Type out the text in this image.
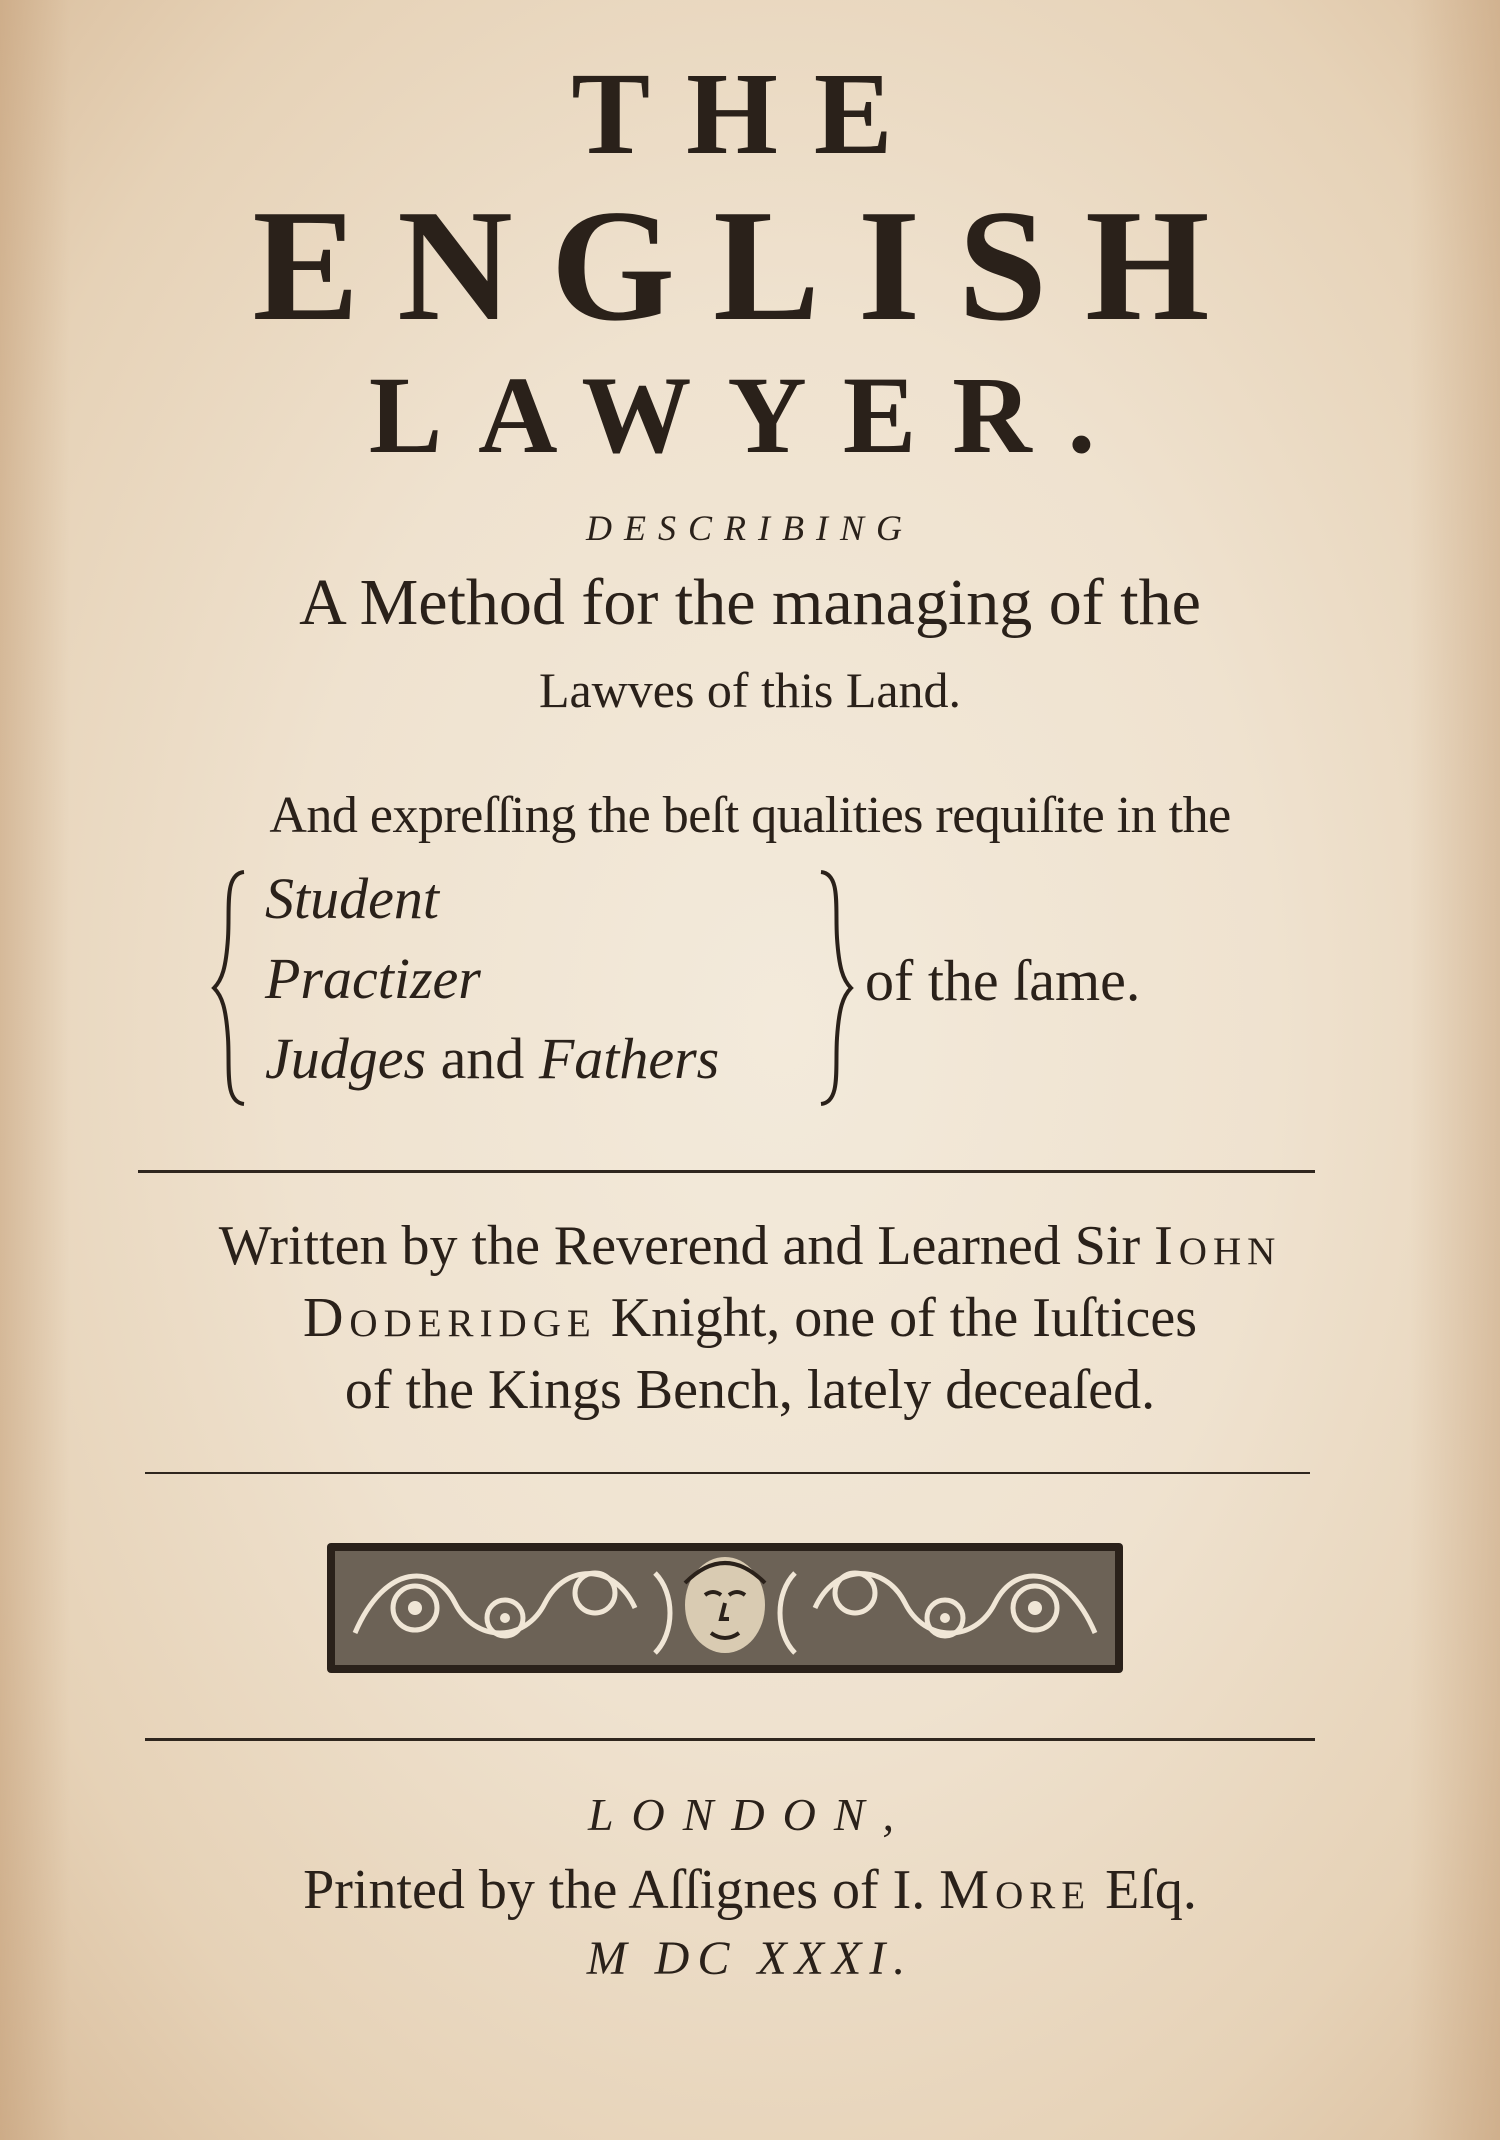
THE
ENGLISH
LAWYER.
DESCRIBING
A Method for the managing of the
Lawves of this Land.
And expreſſing the beſt qualities requiſite in the
Student
Practizer
Judges and Fathers
of the ſame.
Written by the Reverend and Learned Sir Iohn
Doderidge Knight, one of the Iuſtices
of the Kings Bench, lately deceaſed.
LONDON,
Printed by the Aſſignes of I. More Eſq.
M DC XXXI.
